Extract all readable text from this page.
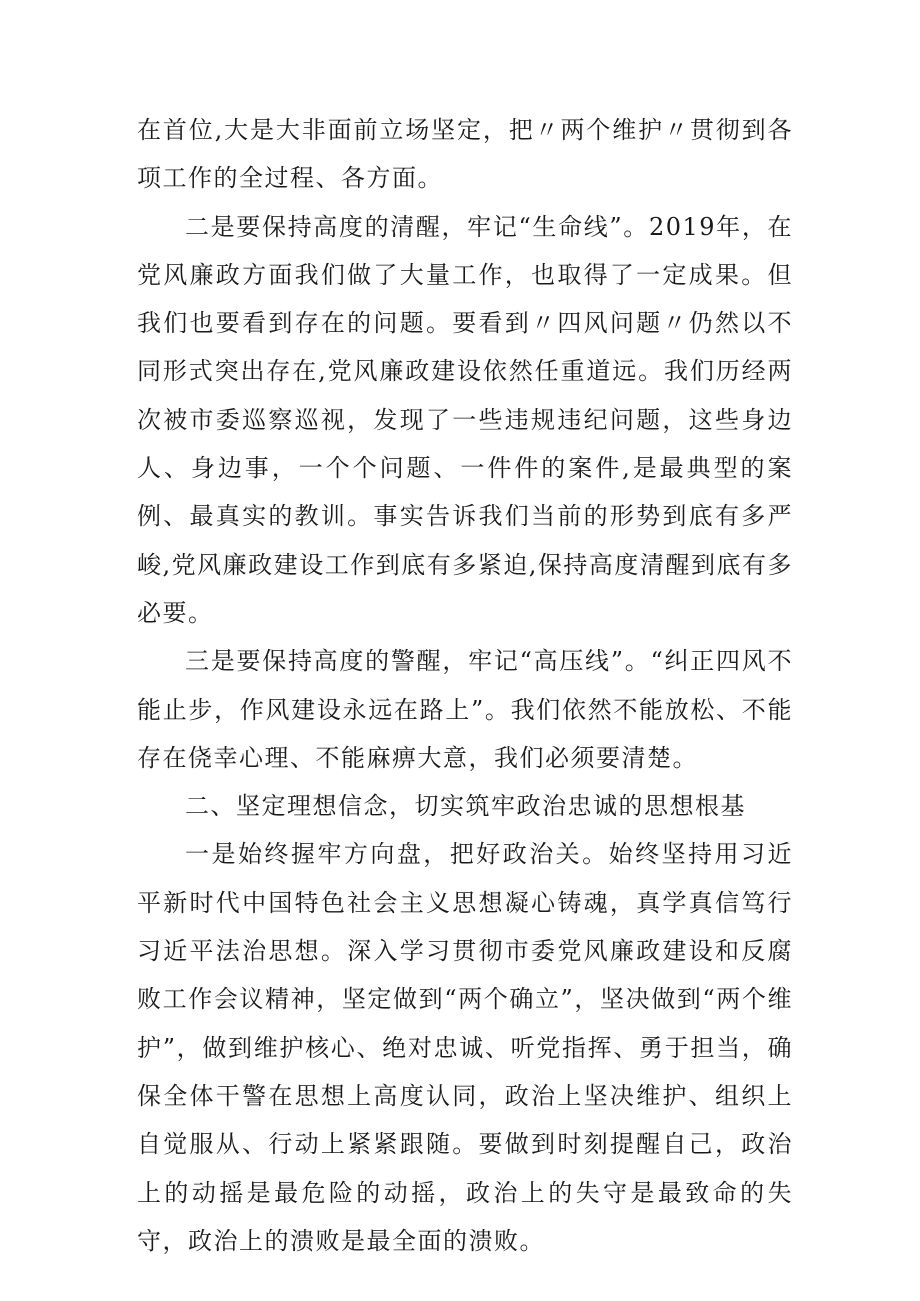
在首位,大是大非面前立场坚定，把〃两个维护〃贯彻到各项工作的全过程、各方面。

二是要保持高度的清醒，牢记“生命线”。2019年，在党风廉政方面我们做了大量工作，也取得了一定成果。但我们也要看到存在的问题。要看到〃四风问题〃仍然以不同形式突出存在,党风廉政建设依然任重道远。我们历经两次被市委巡察巡视，发现了一些违规违纪问题，这些身边人、身边事，一个个问题、一件件的案件,是最典型的案例、最真实的教训。事实告诉我们当前的形势到底有多严峻,党风廉政建设工作到底有多紧迫,保持高度清醒到底有多必要。

三是要保持高度的警醒，牢记“高压线”。“纠正四风不能止步，作风建设永远在路上”。我们依然不能放松、不能存在侥幸心理、不能麻痹大意，我们必须要清楚。

二、坚定理想信念，切实筑牢政治忠诚的思想根基

一是始终握牢方向盘，把好政治关。始终坚持用习近平新时代中国特色社会主义思想凝心铸魂，真学真信笃行习近平法治思想。深入学习贯彻市委党风廉政建设和反腐败工作会议精神，坚定做到“两个确立”，坚决做到“两个维护”，做到维护核心、绝对忠诚、听党指挥、勇于担当，确保全体干警在思想上高度认同，政治上坚决维护、组织上自觉服从、行动上紧紧跟随。要做到时刻提醒自己，政治上的动摇是最危险的动摇，政治上的失守是最致命的失守，政治上的溃败是最全面的溃败。
